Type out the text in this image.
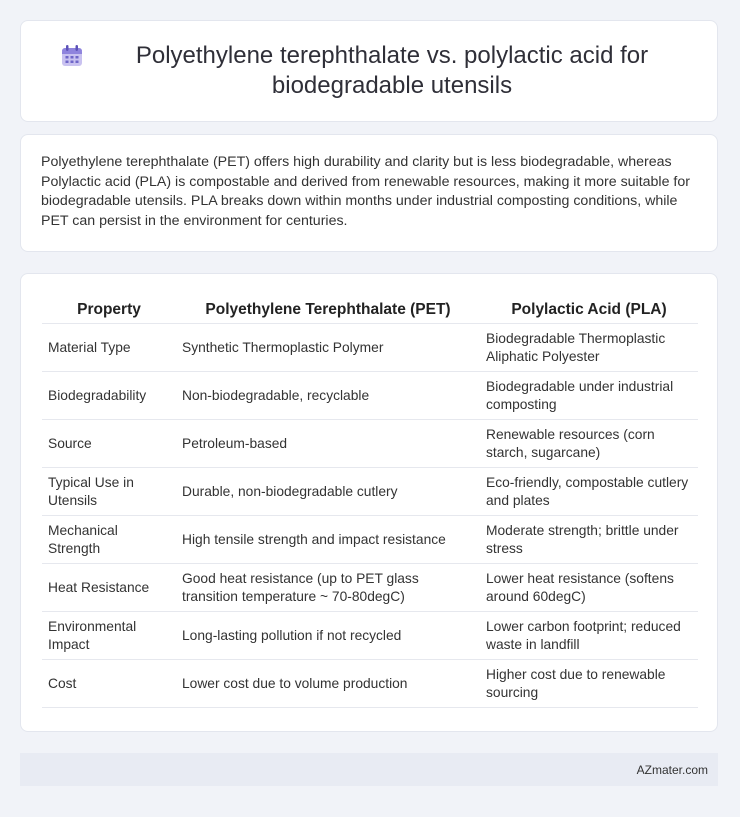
Polyethylene terephthalate vs. polylactic acid for biodegradable utensils

Polyethylene terephthalate (PET) offers high durability and clarity but is less biodegradable, whereas Polylactic acid (PLA) is compostable and derived from renewable resources, making it more suitable for biodegradable utensils. PLA breaks down within months under industrial composting conditions, while PET can persist in the environment for centuries.

Property	Polyethylene Terephthalate (PET)	Polylactic Acid (PLA)
Material Type	Synthetic Thermoplastic Polymer	Biodegradable Thermoplastic Aliphatic Polyester
Biodegradability	Non-biodegradable, recyclable	Biodegradable under industrial composting
Source	Petroleum-based	Renewable resources (corn starch, sugarcane)
Typical Use in Utensils	Durable, non-biodegradable cutlery	Eco-friendly, compostable cutlery and plates
Mechanical Strength	High tensile strength and impact resistance	Moderate strength; brittle under stress
Heat Resistance	Good heat resistance (up to PET glass transition temperature ~ 70-80degC)	Lower heat resistance (softens around 60degC)
Environmental Impact	Long-lasting pollution if not recycled	Lower carbon footprint; reduced waste in landfill
Cost	Lower cost due to volume production	Higher cost due to renewable sourcing
AZmater.com
